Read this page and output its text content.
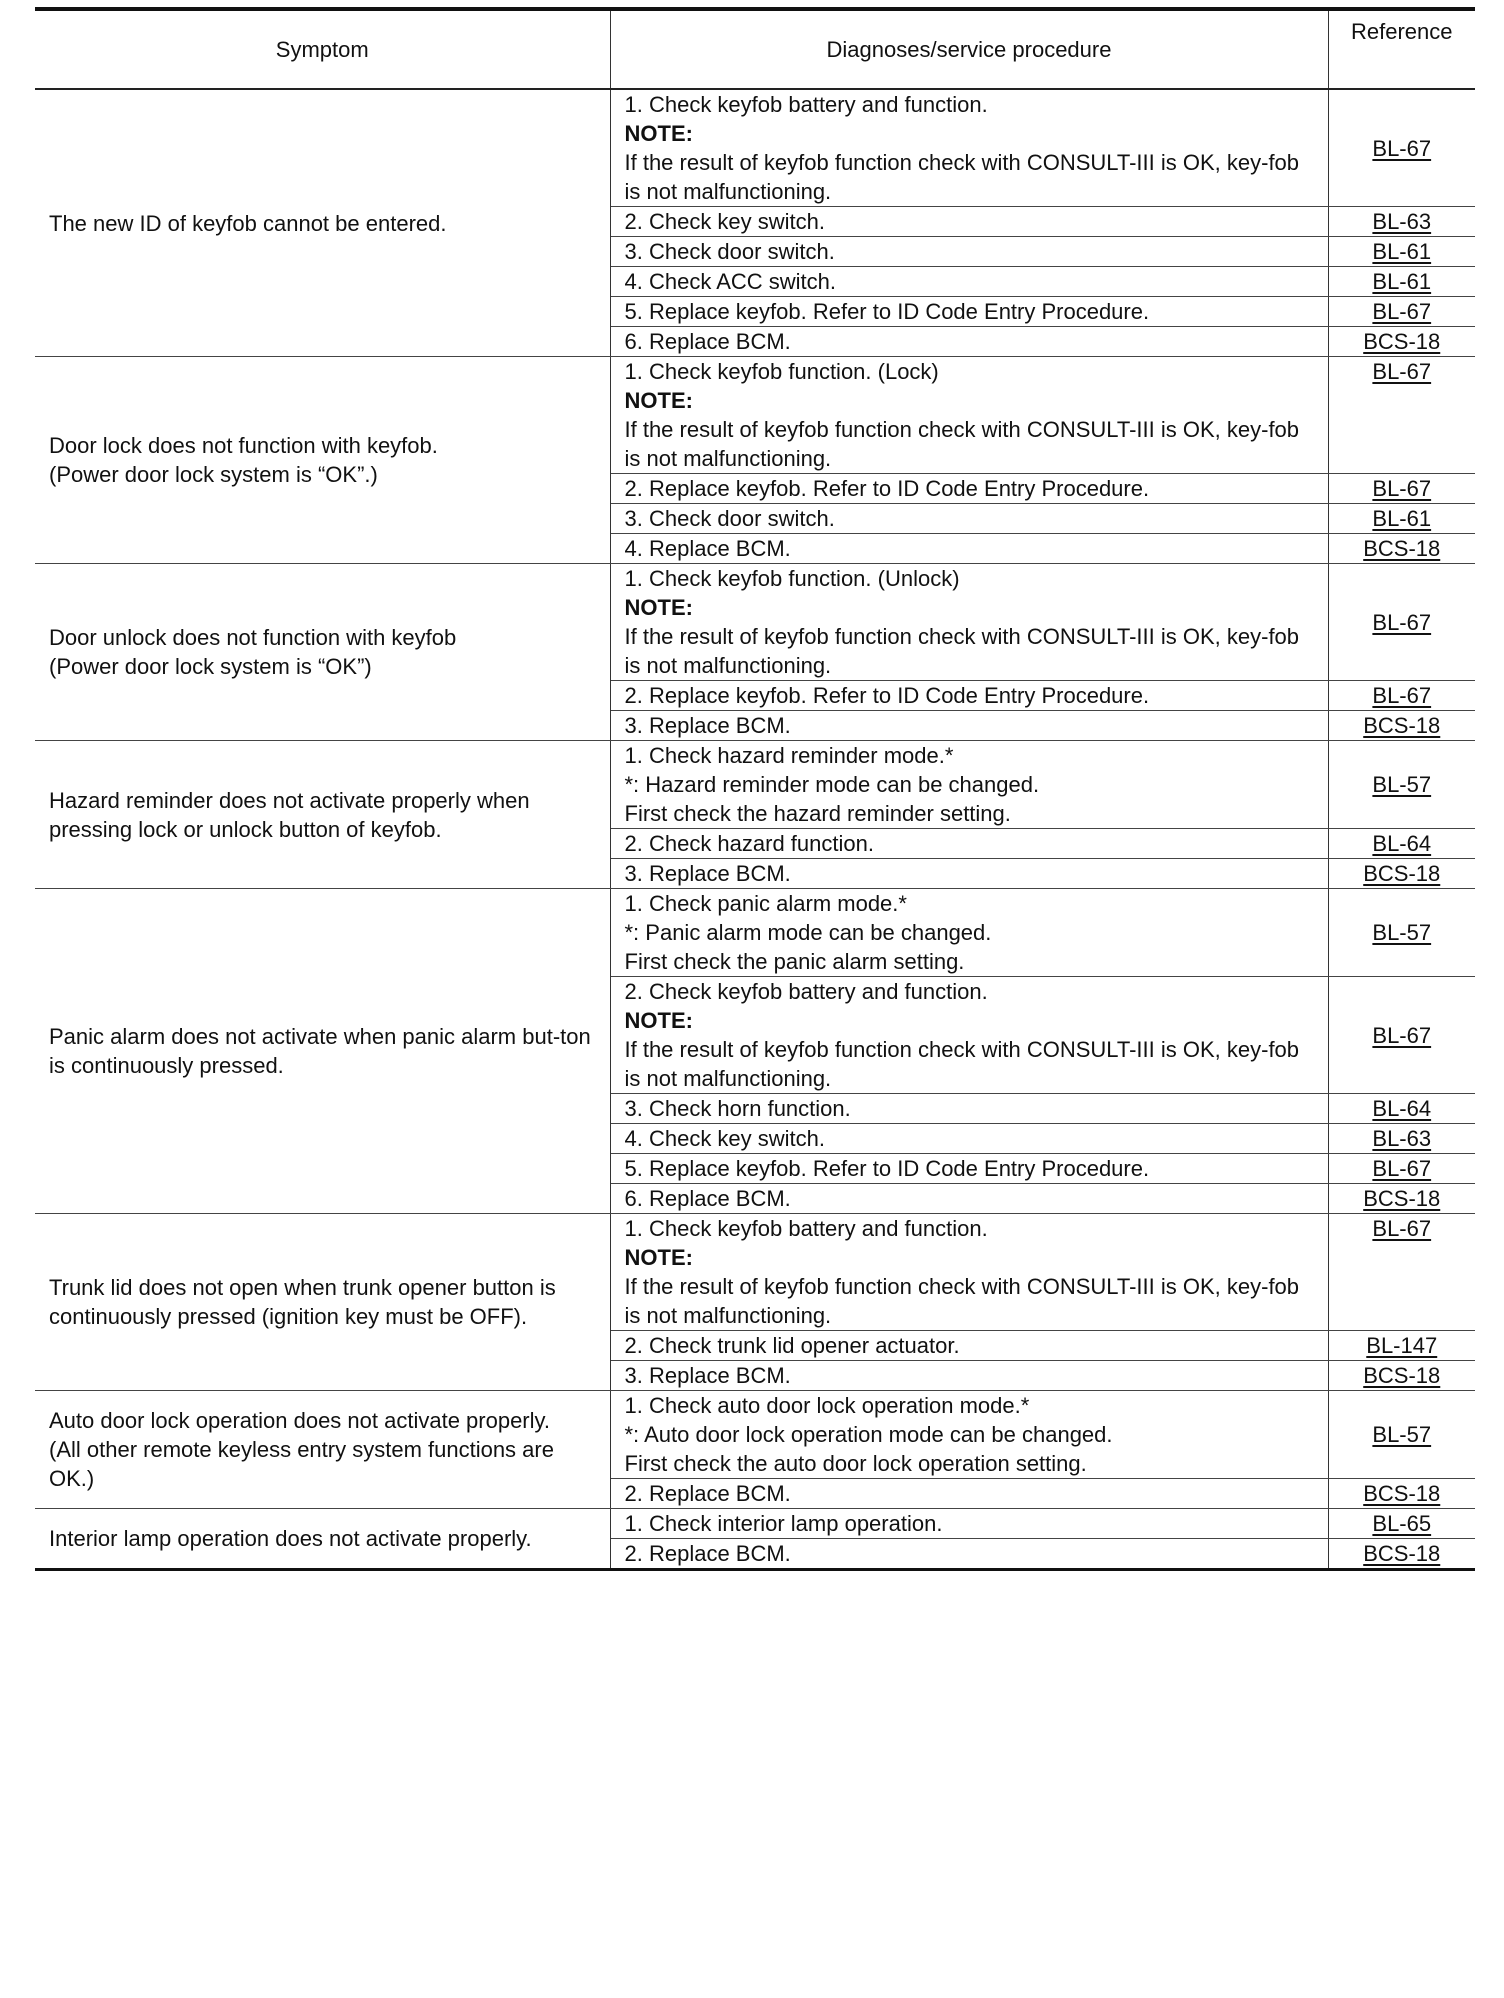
Symptom	Diagnoses/service procedure	Reference

The new ID of keyfob cannot be entered.	1. Check keyfob battery and function.
NOTE:
If the result of keyfob function check with CONSULT-III is OK, key-fob is not malfunctioning.	BL-67

	2. Check key switch.	BL-63

	3. Check door switch.	BL-61

	4. Check ACC switch.	BL-61

	5. Replace keyfob. Refer to ID Code Entry Procedure.	BL-67

	6. Replace BCM.	BCS-18

Door lock does not function with keyfob.
(Power door lock system is “OK”.)	1. Check keyfob function. (Lock)
NOTE:
If the result of keyfob function check with CONSULT-III is OK, key-fob is not malfunctioning.	BL-67

	2. Replace keyfob. Refer to ID Code Entry Procedure.	BL-67

	3. Check door switch.	BL-61

	4. Replace BCM.	BCS-18

Door unlock does not function with keyfob
(Power door lock system is “OK”)	1. Check keyfob function. (Unlock)
NOTE:
If the result of keyfob function check with CONSULT-III is OK, key-fob is not malfunctioning.	BL-67

	2. Replace keyfob. Refer to ID Code Entry Procedure.	BL-67

	3. Replace BCM.	BCS-18

Hazard reminder does not activate properly when pressing lock or unlock button of keyfob.	1. Check hazard reminder mode.*
*: Hazard reminder mode can be changed.
First check the hazard reminder setting.	BL-57

	2. Check hazard function.	BL-64

	3. Replace BCM.	BCS-18

Panic alarm does not activate when panic alarm but-ton is continuously pressed.	1. Check panic alarm mode.*
*: Panic alarm mode can be changed.
First check the panic alarm setting.	BL-57

	2. Check keyfob battery and function.
NOTE:
If the result of keyfob function check with CONSULT-III is OK, key-fob is not malfunctioning.	BL-67

	3. Check horn function.	BL-64

	4. Check key switch.	BL-63

	5. Replace keyfob. Refer to ID Code Entry Procedure.	BL-67

	6. Replace BCM.	BCS-18

Trunk lid does not open when trunk opener button is continuously pressed (ignition key must be OFF).	1. Check keyfob battery and function.
NOTE:
If the result of keyfob function check with CONSULT-III is OK, key-fob is not malfunctioning.	BL-67

	2. Check trunk lid opener actuator.	BL-147

	3. Replace BCM.	BCS-18

Auto door lock operation does not activate properly.
(All other remote keyless entry system functions are OK.)	1. Check auto door lock operation mode.*
*: Auto door lock operation mode can be changed.
First check the auto door lock operation setting.	BL-57

	2. Replace BCM.	BCS-18

Interior lamp operation does not activate properly.	1. Check interior lamp operation.	BL-65

	2. Replace BCM.	BCS-18
